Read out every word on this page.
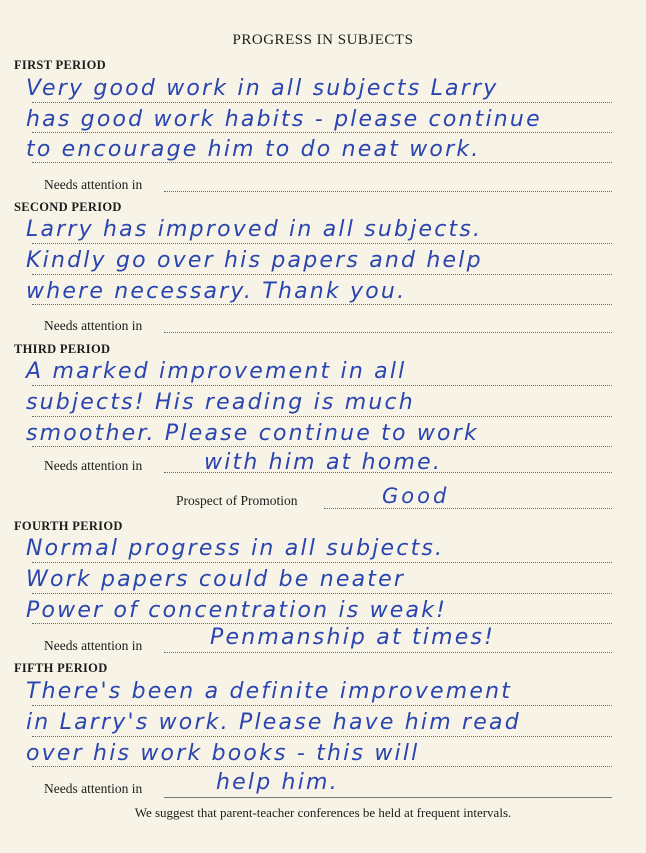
PROGRESS IN SUBJECTS
FIRST PERIOD
Very good work in all subjects Larry
has good work habits - please continue
to encourage him to do neat work.
Needs attention in
SECOND PERIOD
Larry has improved in all subjects.
Kindly go over his papers and help
where necessary. Thank you.
Needs attention in
THIRD PERIOD
A marked improvement in all
subjects! His reading is much
smoother. Please continue to work
Needs attention in	with him at home.
Prospect of Promotion	Good
FOURTH PERIOD
Normal progress in all subjects.
Work papers could be neater
Power of concentration is weak!
Needs attention in	Penmanship at times!
FIFTH PERIOD
There's been a definite improvement
in Larry's work. Please have him read
over his work books - this will
Needs attention in	help him.
We suggest that parent-teacher conferences be held at frequent intervals.
